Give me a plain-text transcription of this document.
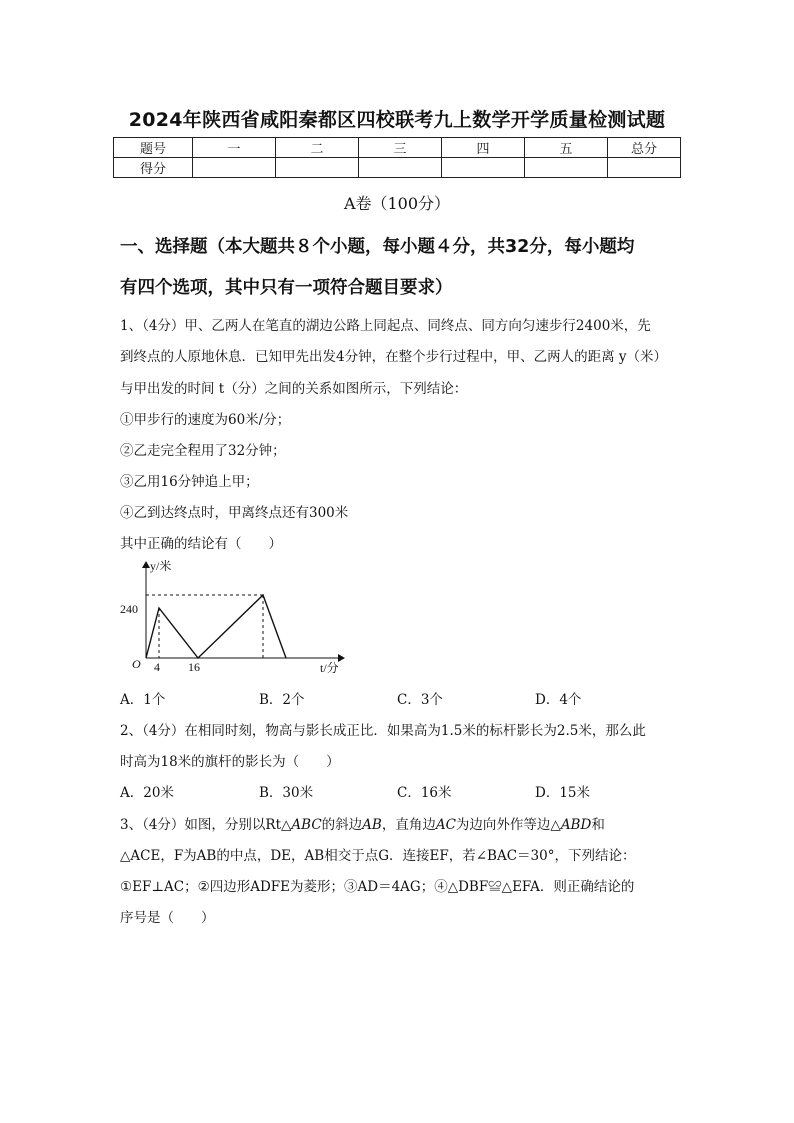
2024年陕西省咸阳秦都区四校联考九上数学开学质量检测试题
题号	一	二	三	四	五	总分
得分						
A卷（100分）
一、选择题（本大题共８个小题，每小题４分，共32分，每小题均
有四个选项，其中只有一项符合题目要求）
1、（4分）甲、乙两人在笔直的湖边公路上同起点、同终点、同方向匀速步行2400米，先
到终点的人原地休息．已知甲先出发4分钟，在整个步行过程中，甲、乙两人的距离 y（米）
与甲出发的时间 t（分）之间的关系如图所示，下列结论：
①甲步行的速度为60米/分；
②乙走完全程用了32分钟；
③乙用16分钟追上甲；
④乙到达终点时，甲离终点还有300米
其中正确的结论有（　　）
y/米
t/分
O
240
4 16
A．1个	B．2个	C．3个	D．4个
2、（4分）在相同时刻，物高与影长成正比．如果高为1.5米的标杆影长为2.5米，那么此
时高为18米的旗杆的影长为（　　）
A．20米	B．30米	C．16米	D．15米
3、（4分）如图，分别以Rt△ABC的斜边AB，直角边AC为边向外作等边△ABD和
△ACE，F为AB的中点，DE，AB相交于点G．连接EF，若∠BAC＝30°，下列结论：
①EF⊥AC；②四边形ADFE为菱形；③AD＝4AG；④△DBF≌△EFA．则正确结论的
序号是（　　）
